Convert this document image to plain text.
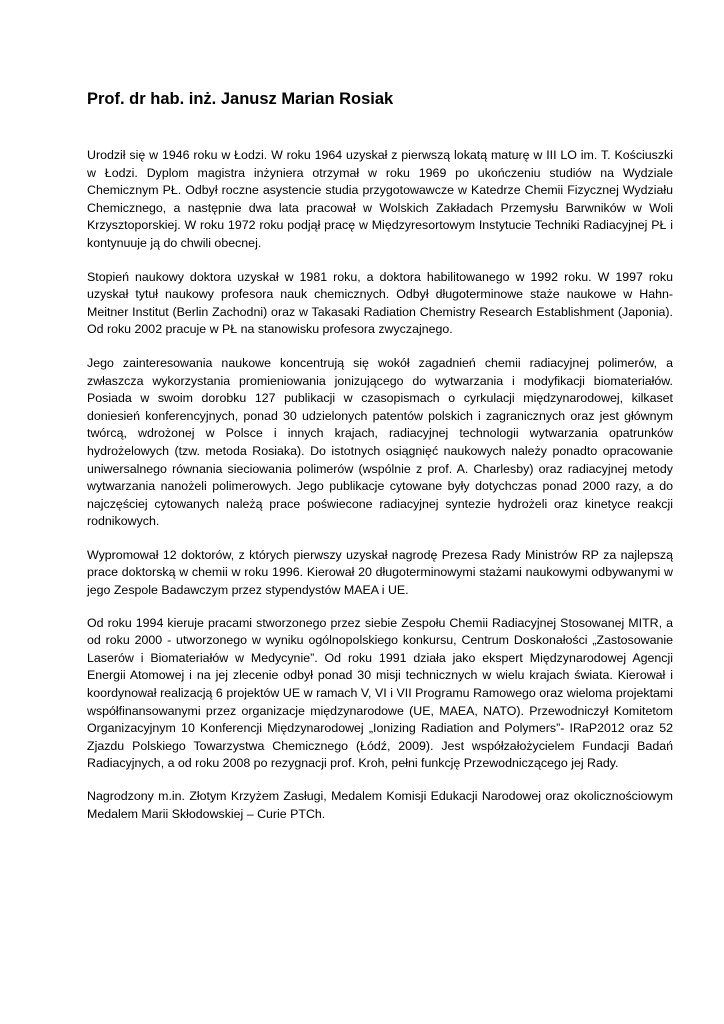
Prof. dr hab. inż. Janusz Marian Rosiak

Urodził się w 1946 roku w Łodzi. W roku 1964 uzyskał z pierwszą lokatą maturę w III LO im. T. Kościuszki w Łodzi. Dyplom magistra inżyniera otrzymał w roku 1969 po ukończeniu studiów na Wydziale Chemicznym PŁ. Odbył roczne asystencie studia przygotowawcze w Katedrze Chemii Fizycznej Wydziału Chemicznego, a następnie dwa lata pracował w Wolskich Zakładach Przemysłu Barwników w Woli Krzysztoporskiej. W roku 1972 roku podjął pracę w Międzyresortowym Instytucie Techniki Radiacyjnej PŁ i kontynuuje ją do chwili obecnej.

Stopień naukowy doktora uzyskał w 1981 roku, a doktora habilitowanego w 1992 roku. W 1997 roku uzyskał tytuł naukowy profesora nauk chemicznych. Odbył długoterminowe staże naukowe w Hahn-Meitner Institut (Berlin Zachodni) oraz w Takasaki Radiation Chemistry Research Establishment (Japonia). Od roku 2002 pracuje w PŁ na stanowisku profesora zwyczajnego.

Jego zainteresowania naukowe koncentrują się wokół zagadnień chemii radiacyjnej polimerów, a zwłaszcza wykorzystania promieniowania jonizującego do wytwarzania i modyfikacji biomateriałów. Posiada w swoim dorobku 127 publikacji w czasopismach o cyrkulacji międzynarodowej, kilkaset doniesień konferencyjnych, ponad 30 udzielonych patentów polskich i zagranicznych oraz jest głównym twórcą, wdrożonej w Polsce i innych krajach, radiacyjnej technologii wytwarzania opatrunków hydrożelowych (tzw. metoda Rosiaka). Do istotnych osiągnięć naukowych należy ponadto opracowanie uniwersalnego równania sieciowania polimerów (wspólnie z prof. A. Charlesby) oraz radiacyjnej metody wytwarzania nanożeli polimerowych. Jego publikacje cytowane były dotychczas ponad 2000 razy, a do najczęściej cytowanych należą prace poświecone radiacyjnej syntezie hydrożeli oraz kinetyce reakcji rodnikowych.

Wypromował 12 doktorów, z których pierwszy uzyskał nagrodę Prezesa Rady Ministrów RP za najlepszą prace doktorską w chemii w roku 1996. Kierował 20 długoterminowymi stażami naukowymi odbywanymi w jego Zespole Badawczym przez stypendystów MAEA i UE.

Od roku 1994 kieruje pracami stworzonego przez siebie Zespołu Chemii Radiacyjnej Stosowanej MITR, a od roku 2000 - utworzonego w wyniku ogólnopolskiego konkursu, Centrum Doskonałości „Zastosowanie Laserów i Biomateriałów w Medycynie”. Od roku 1991 działa jako ekspert Międzynarodowej Agencji Energii Atomowej i na jej zlecenie odbył ponad 30 misji technicznych w wielu krajach świata. Kierował i koordynował realizacją 6 projektów UE w ramach V, VI i VII Programu Ramowego oraz wieloma projektami współfinansowanymi przez organizacje międzynarodowe (UE, MAEA, NATO). Przewodniczył Komitetom Organizacyjnym 10 Konferencji Międzynarodowej „Ionizing Radiation and Polymers”- IRaP2012 oraz 52 Zjazdu Polskiego Towarzystwa Chemicznego (Łódź, 2009). Jest współzałożycielem Fundacji Badań Radiacyjnych, a od roku 2008 po rezygnacji prof. Kroh, pełni funkcję Przewodniczącego jej Rady.

Nagrodzony m.in. Złotym Krzyżem Zasługi, Medalem Komisji Edukacji Narodowej oraz okolicznościowym Medalem Marii Skłodowskiej – Curie PTCh.
